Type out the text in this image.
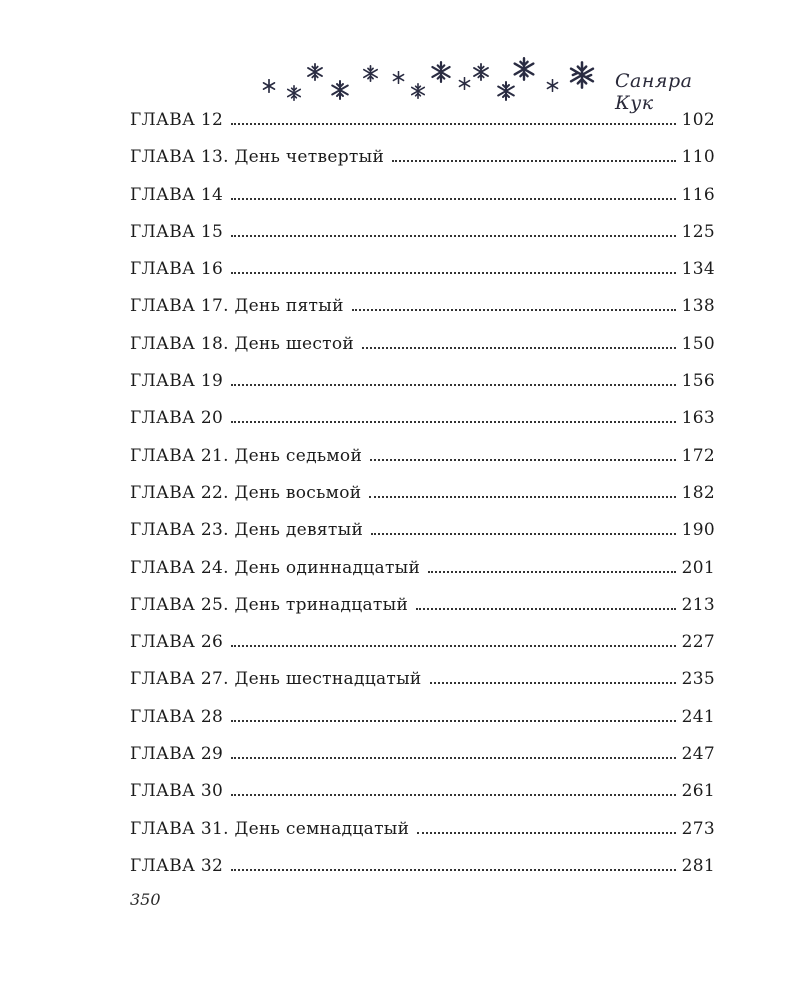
Саняра Кук
ГЛАВА 12	102
ГЛАВА 13. День четвертый	110
ГЛАВА 14	116
ГЛАВА 15	125
ГЛАВА 16	134
ГЛАВА 17. День пятый	138
ГЛАВА 18. День шестой	150
ГЛАВА 19	156
ГЛАВА 20	163
ГЛАВА 21. День седьмой	172
ГЛАВА 22. День восьмой	182
ГЛАВА 23. День девятый	190
ГЛАВА 24. День одиннадцатый	201
ГЛАВА 25. День тринадцатый	213
ГЛАВА 26	227
ГЛАВА 27. День шестнадцатый	235
ГЛАВА 28	241
ГЛАВА 29	247
ГЛАВА 30	261
ГЛАВА 31. День семнадцатый	273
ГЛАВА 32	281
350
